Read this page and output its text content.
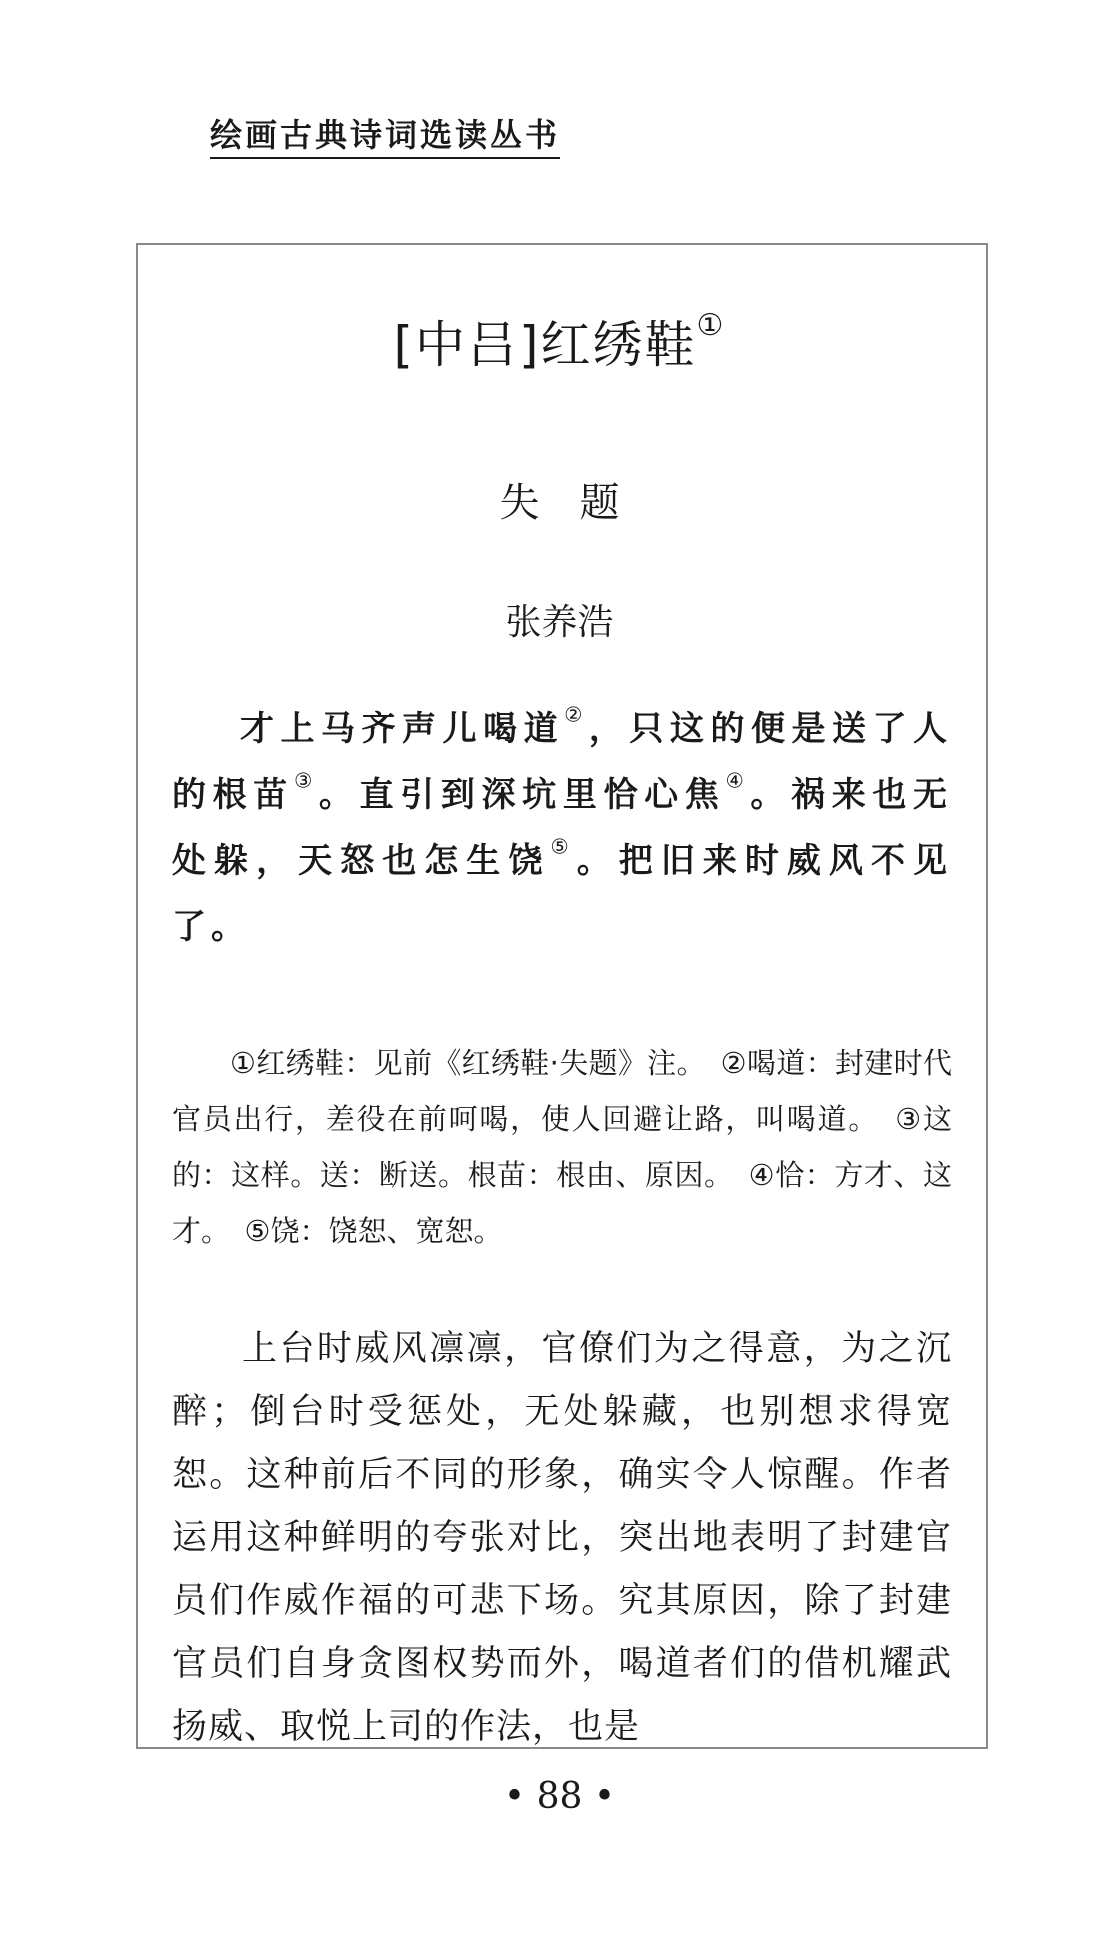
绘画古典诗词选读丛书
[中吕]红绣鞋①
失　题
张养浩

才上马齐声儿喝道②，只这的便是送了人的根苗③。直引到深坑里恰心焦④。祸来也无处躲，天怒也怎生饶⑤。把旧来时威风不见了。

①红绣鞋：见前《红绣鞋·失题》注。　②喝道：封建时代官员出行，差役在前呵喝，使人回避让路，叫喝道。　③这的：这样。送：断送。根苗：根由、原因。　④恰：方才、这才。　⑤饶：饶恕、宽恕。

上台时威风凛凛，官僚们为之得意，为之沉醉；倒台时受惩处，无处躲藏，也别想求得宽恕。这种前后不同的形象，确实令人惊醒。作者运用这种鲜明的夸张对比，突出地表明了封建官员们作威作福的可悲下场。究其原因，除了封建官员们自身贪图权势而外，喝道者们的借机耀武扬威、取悦上司的作法，也是

• 88 •
